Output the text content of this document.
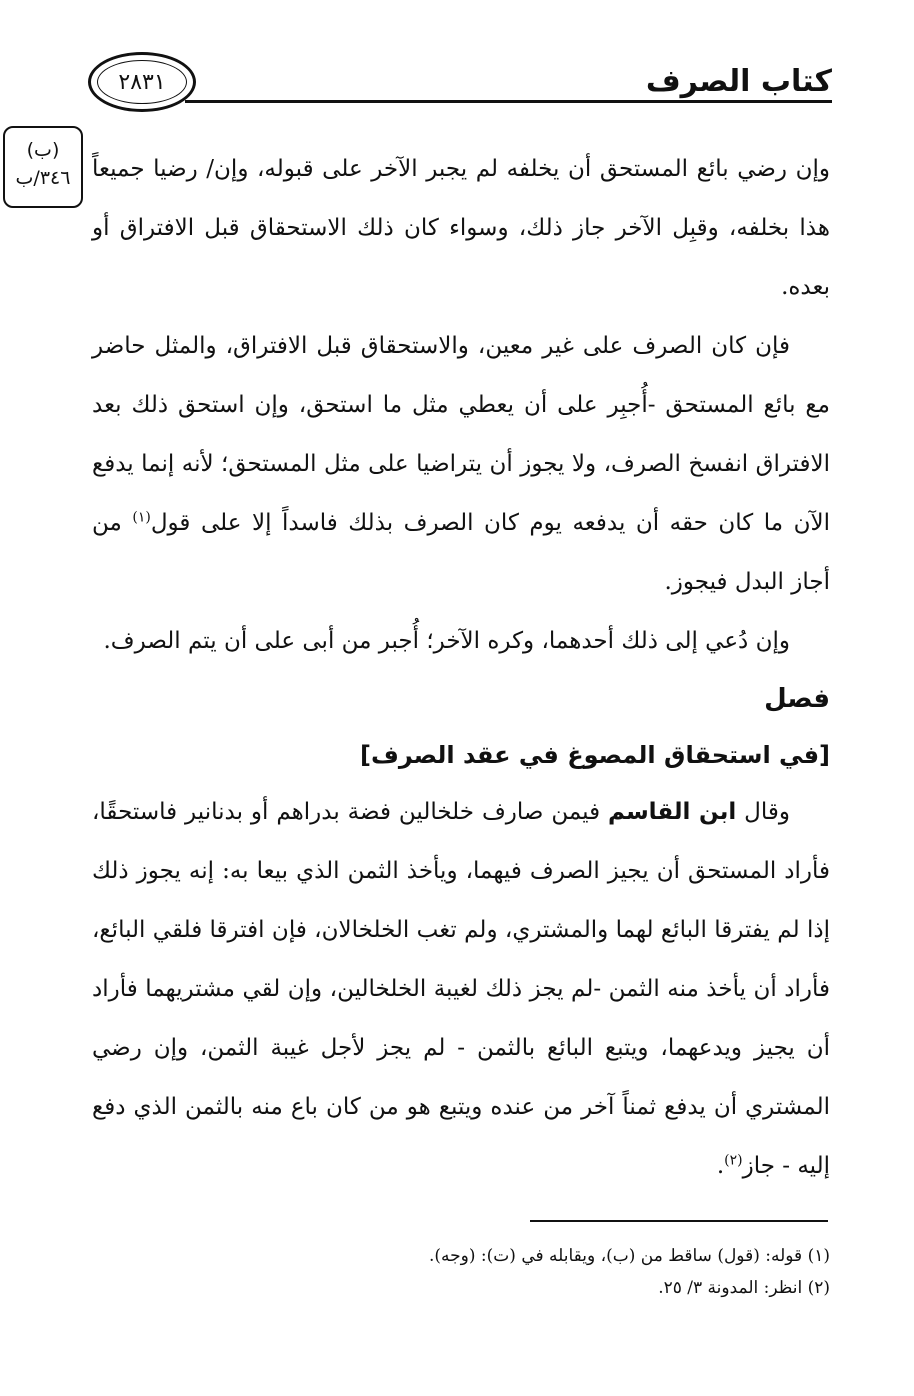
كتاب الصرف
٢٨٣١
(ب)
٣٤٦/ب وإن رضي بائع المستحق أن يخلفه لم يجبر الآخر على قبوله، وإن/ رضيا جميعاً هذا بخلفه، وقبِل الآخر جاز ذلك، وسواء كان ذلك الاستحقاق قبل الافتراق أو بعده.

فإن كان الصرف على غير معين، والاستحقاق قبل الافتراق، والمثل حاضر مع بائع المستحق -أُجبِر على أن يعطي مثل ما استحق، وإن استحق ذلك بعد الافتراق انفسخ الصرف، ولا يجوز أن يتراضيا على مثل المستحق؛ لأنه إنما يدفع الآن ما كان حقه أن يدفعه يوم كان الصرف بذلك فاسداً إلا على قول$^{(١)}$ من أجاز البدل فيجوز.

وإن دُعي إلى ذلك أحدهما، وكره الآخر؛ أُجبر من أبى على أن يتم الصرف.

فصل

[في استحقاق المصوغ في عقد الصرف]

وقال ابن القاسم فيمن صارف خلخالين فضة بدراهم أو بدنانير فاستحقًا، فأراد المستحق أن يجيز الصرف فيهما، ويأخذ الثمن الذي بيعا به: إنه يجوز ذلك إذا لم يفترقا البائع لهما والمشتري، ولم تغب الخلخالان، فإن افترقا فلقي البائع، فأراد أن يأخذ منه الثمن -لم يجز ذلك لغيبة الخلخالين، وإن لقي مشتريهما فأراد أن يجيز ويدعهما، ويتبع البائع بالثمن - لم يجز لأجل غيبة الثمن، وإن رضي المشتري أن يدفع ثمناً آخر من عنده ويتبع هو من كان باع منه بالثمن الذي دفع إليه - جاز$^{(٢)}$.

(١) قوله: (قول) ساقط من (ب)، ويقابله في (ت): (وجه).

(٢) انظر: المدونة ٣/ ٢٥.
